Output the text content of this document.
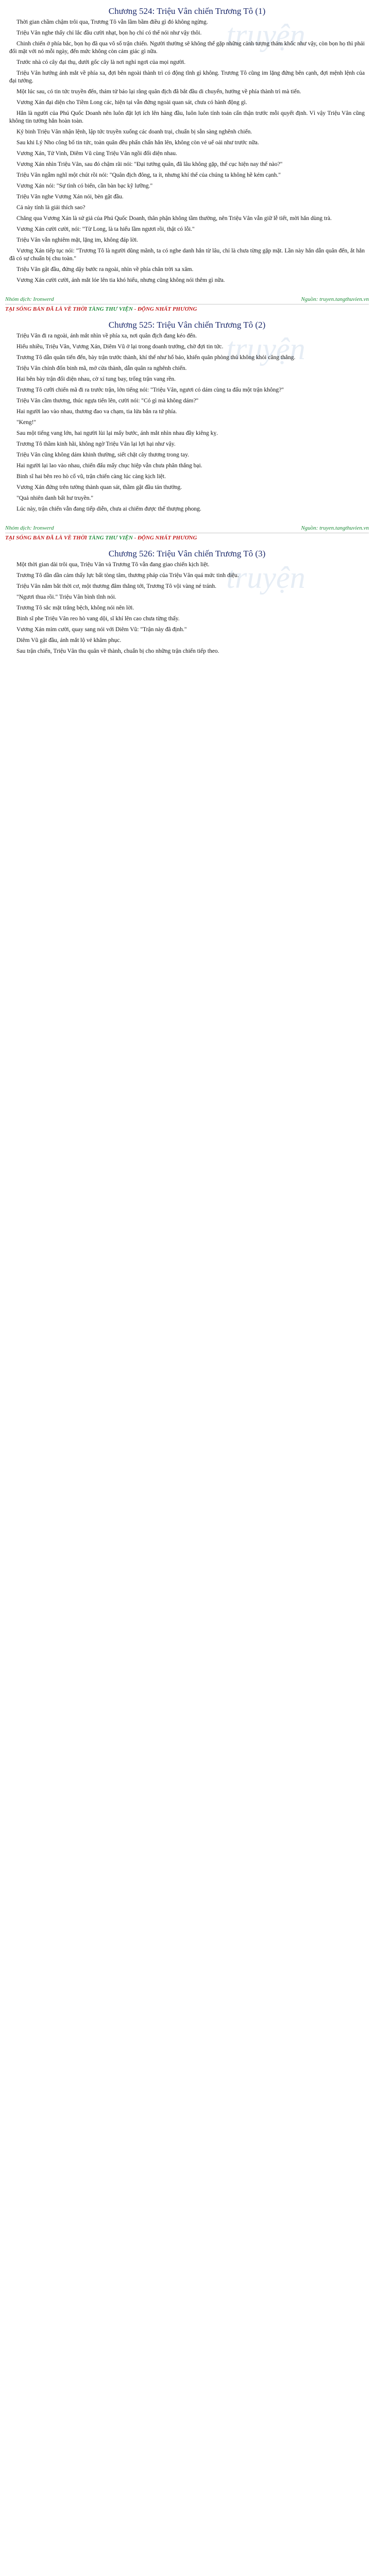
truyện
Chương 524: Triệu Vân chiến Trương Tô (1)

Thời gian chầm chậm trôi qua, Trương Tô vẫn lầm bầm điều gì đó không ngừng.

Triệu Vân nghe thấy chỉ lắc đầu cười nhạt, bọn họ chỉ có thể nói như vậy thôi.

Chinh chiến ở phía bắc, bọn họ đã qua vô số trận chiến. Người thường sẽ không thể gặp những cảnh tượng thảm khốc như vậy, còn bọn họ thì phải đối mặt với nó mỗi ngày, đến mức không còn cảm giác gì nữa.

Trước nhà có cây đại thụ, dưới gốc cây là nơi nghỉ ngơi của mọi người.

Triệu Vân hướng ánh mắt về phía xa, đợi bên ngoài thành trì có động tĩnh gì không. Trương Tô cũng im lặng đứng bên cạnh, đợi mệnh lệnh của đại tướng.

Một lúc sau, có tin tức truyền đến, thám tử báo lại rằng quân địch đã bắt đầu di chuyển, hướng về phía thành trì mà tiến.

Vương Xán đại diện cho Tiềm Long các, hiện tại vẫn đứng ngoài quan sát, chưa có hành động gì.

Hắn là người của Phú Quốc Doanh nên luôn đặt lợi ích lên hàng đầu, luôn luôn tính toán cẩn thận trước mỗi quyết định. Vì vậy Triệu Vân cũng không tin tưởng hắn hoàn toàn.

Ký binh Triệu Vân nhận lệnh, lập tức truyền xuống các doanh trại, chuẩn bị sẵn sàng nghênh chiến.

Sau khi Lý Nho công bố tin tức, toàn quân đều phấn chấn hẳn lên, không còn vẻ uể oải như trước nữa.

Vương Xán, Tử Vinh, Diêm Vũ cùng Triệu Vân ngồi đối diện nhau.

Vương Xán nhìn Triệu Vân, sau đó chậm rãi nói: "Đại tướng quân, đã lâu không gặp, thế cục hiện nay thế nào?"

Triệu Vân ngẫm nghĩ một chút rồi nói: "Quân địch đông, ta ít, nhưng khí thế của chúng ta không hề kém cạnh."

Vương Xán nói: "Sự tình có biến, cần bàn bạc kỹ lưỡng."

Triệu Vân nghe Vương Xán nói, bèn gật đầu.

Cả này tính là giải thích sao?

Chẳng qua Vương Xán là sứ giả của Phú Quốc Doanh, thân phận không tầm thường, nên Triệu Vân vẫn giữ lễ tiết, mời hắn dùng trà.

Vương Xán cười cười, nói: "Từ Long, là ta hiểu lầm ngươi rồi, thật có lỗi."

Triệu Vân vẫn nghiêm mặt, lặng im, không đáp lời.

Vương Xán tiếp tục nói: "Trương Tô là người dũng mãnh, ta có nghe danh hắn từ lâu, chỉ là chưa từng gặp mặt. Lần này hắn dẫn quân đến, ắt hẳn đã có sự chuẩn bị chu toàn."

Triệu Vân gật đầu, đứng dậy bước ra ngoài, nhìn về phía chân trời xa xăm.

Vương Xán cười cười, ánh mắt lóe lên tia khó hiểu, nhưng cũng không nói thêm gì nữa.

Nhóm dịch: Ironwerd	Nguồn: truyen.tangthuvien.vn
TẠI SỐNG BẢN ĐÃ LÀ VỀ THỜI TÀNG THƯ VIỆN - ĐỘNG NHẤT PHƯƠNG
truyện
Chương 525: Triệu Vân chiến Trương Tô (2)

Triệu Vân đi ra ngoài, ánh mắt nhìn về phía xa, nơi quân địch đang kéo đến.

Hiểu nhiều, Triệu Vân, Vương Xán, Diêm Vũ ở lại trong doanh trướng, chờ đợi tin tức.

Trương Tô dẫn quân tiến đến, bày trận trước thành, khí thế như hổ báo, khiến quân phòng thủ không khỏi căng thẳng.

Triệu Vân chỉnh đốn binh mã, mở cửa thành, dẫn quân ra nghênh chiến.

Hai bên bày trận đối diện nhau, cờ xí tung bay, trống trận vang rền.

Trương Tô cưỡi chiến mã đi ra trước trận, lớn tiếng nói: "Triệu Vân, ngươi có dám cùng ta đấu một trận không?"

Triệu Vân cầm thương, thúc ngựa tiến lên, cười nói: "Có gì mà không dám?"

Hai người lao vào nhau, thương đao va chạm, tia lửa bắn ra tứ phía.

"Keng!"

Sau một tiếng vang lớn, hai người lùi lại mấy bước, ánh mắt nhìn nhau đầy kiêng kỵ.

Trương Tô thầm kinh hãi, không ngờ Triệu Vân lại lợi hại như vậy.

Triệu Vân cũng không dám khinh thường, siết chặt cây thương trong tay.

Hai người lại lao vào nhau, chiến đấu mấy chục hiệp vẫn chưa phân thắng bại.

Binh sĩ hai bên reo hò cổ vũ, trận chiến càng lúc càng kịch liệt.

Vương Xán đứng trên tường thành quan sát, thầm gật đầu tán thưởng.

"Quả nhiên danh bất hư truyền."

Lúc này, trận chiến vẫn đang tiếp diễn, chưa ai chiếm được thế thượng phong.

Nhóm dịch: Ironwerd	Nguồn: truyen.tangthuvien.vn
TẠI SỐNG BẢN ĐÃ LÀ VỀ THỜI TÀNG THƯ VIỆN - ĐỘNG NHẤT PHƯƠNG
truyện
Chương 526: Triệu Vân chiến Trương Tô (3)

Một thời gian dài trôi qua, Triệu Vân và Trương Tô vẫn đang giao chiến kịch liệt.

Trương Tô dần dần cảm thấy lực bất tòng tâm, thương pháp của Triệu Vân quá mức tinh diệu.

Triệu Vân nắm bắt thời cơ, một thương đâm thẳng tới, Trương Tô vội vàng né tránh.

"Ngươi thua rồi." Triệu Vân bình tĩnh nói.

Trương Tô sắc mặt trắng bệch, không nói nên lời.

Binh sĩ phe Triệu Vân reo hò vang dội, sĩ khí lên cao chưa từng thấy.

Vương Xán mỉm cười, quay sang nói với Diêm Vũ: "Trận này đã định."

Diêm Vũ gật đầu, ánh mắt lộ vẻ khâm phục.

Sau trận chiến, Triệu Vân thu quân về thành, chuẩn bị cho những trận chiến tiếp theo.
